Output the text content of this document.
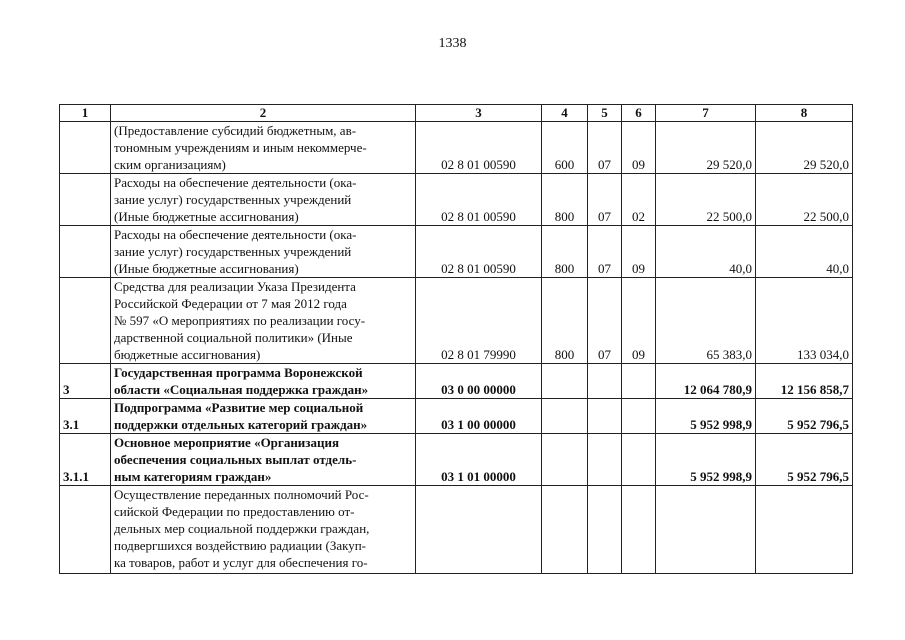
1338
1	2	3	4	5	6	7	8

	(Предоставление субсидий бюджетным, ав-
тономным учреждениям и иным некоммерче-
ским организациям)	02 8 01 00590	600	07	09	29 520,0	29 520,0

	Расходы на обеспечение деятельности (ока-
зание услуг) государственных учреждений
(Иные бюджетные ассигнования)	02 8 01 00590	800	07	02	22 500,0	22 500,0

	Расходы на обеспечение деятельности (ока-
зание услуг) государственных учреждений
(Иные бюджетные ассигнования)	02 8 01 00590	800	07	09	40,0	40,0

	Средства для реализации Указа Президента
Российской Федерации от 7 мая 2012 года
№ 597 «О мероприятиях по реализации госу-
дарственной социальной политики» (Иные
бюджетные ассигнования)	02 8 01 79990	800	07	09	65 383,0	133 034,0
3	Государственная программа Воронежской
области «Социальная поддержка граждан»	03 0 00 00000				12 064 780,9	12 156 858,7
3.1	Подпрограмма «Развитие мер социальной
поддержки отдельных категорий граждан»	03 1 00 00000				5 952 998,9	5 952 796,5
3.1.1	Основное мероприятие «Организация
обеспечения социальных выплат отдель-
ным категориям граждан»	03 1 01 00000				5 952 998,9	5 952 796,5

	Осуществление переданных полномочий Рос-
сийской Федерации по предоставлению от-
дельных мер социальной поддержки граждан,
подвергшихся воздействию радиации (Закуп-
ка товаров, работ и услуг для обеспечения го-						
